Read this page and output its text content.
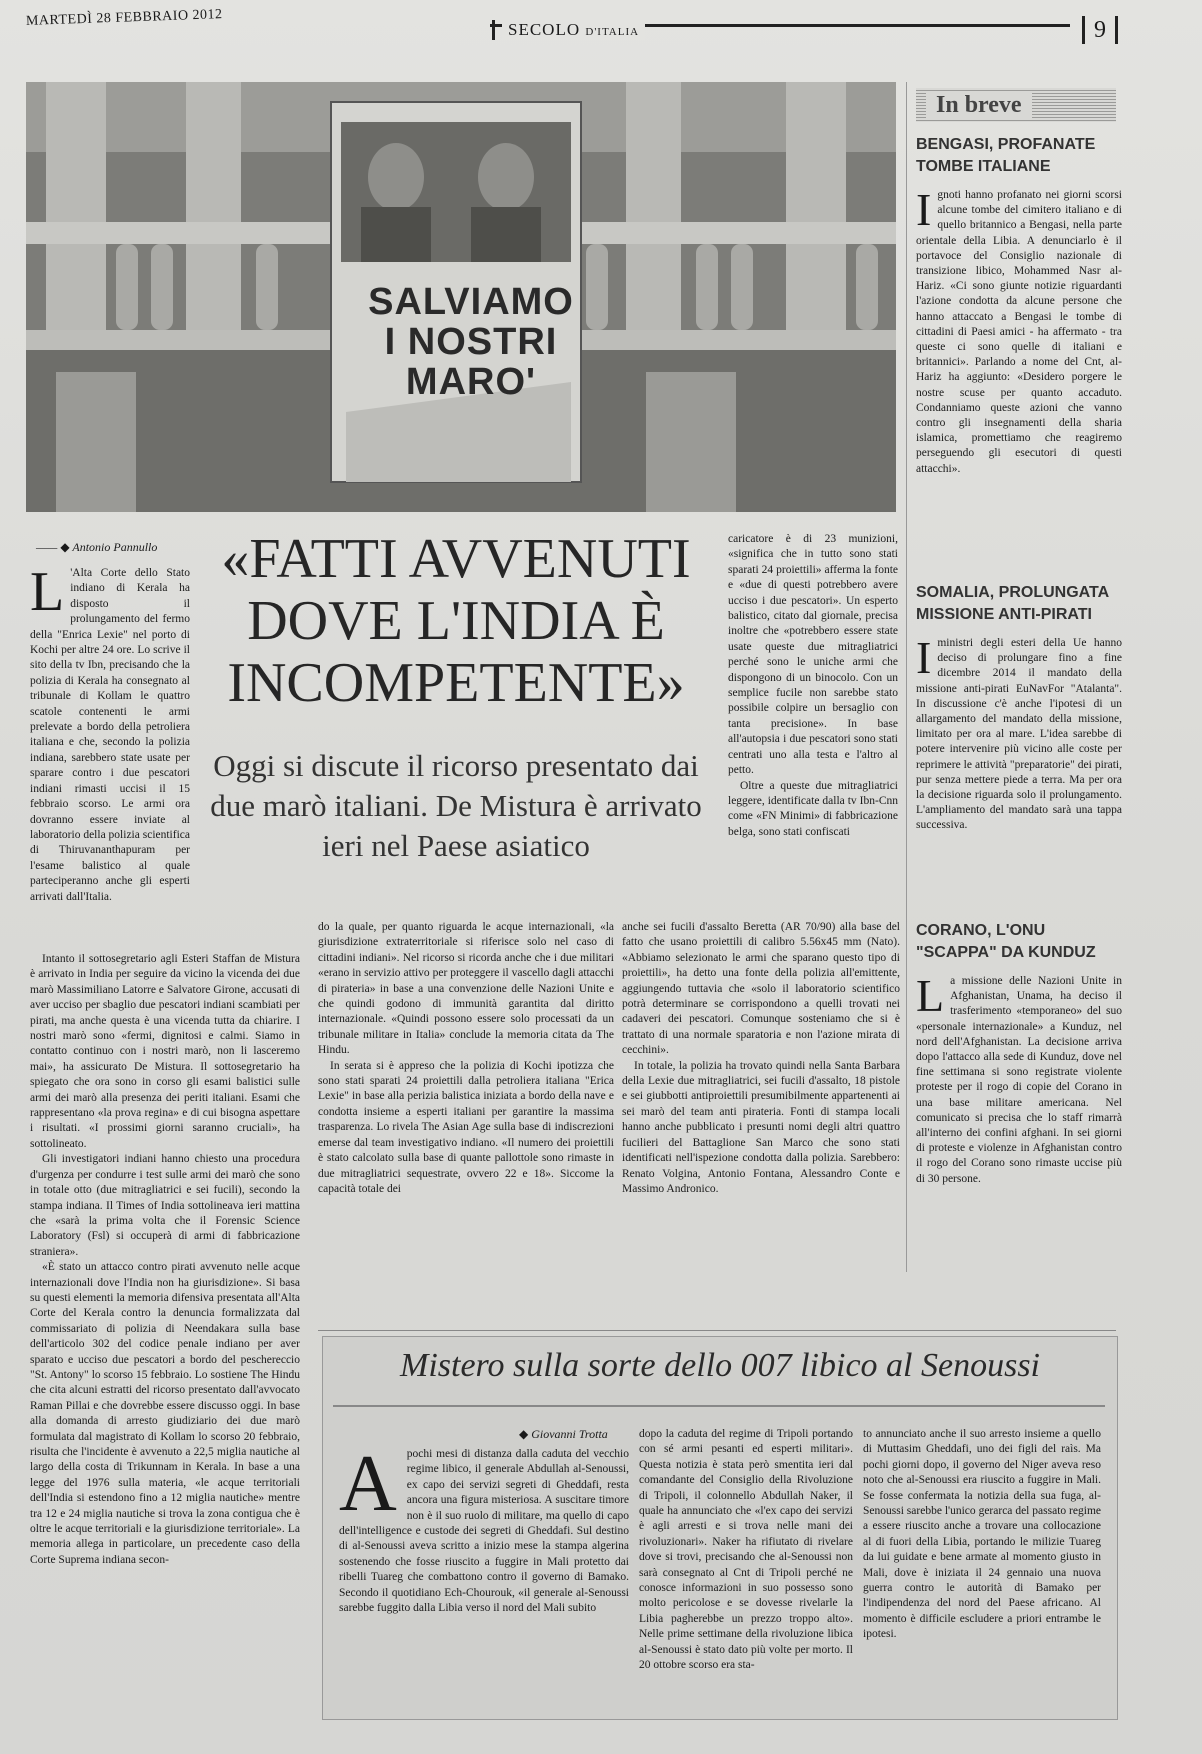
MARTEDÌ 28 FEBBRAIO 2012
SECOLO D'ITALIA	9
SALVIAMO I NOSTRI MARO'
In breve
BENGASI, PROFANATE TOMBE ITALIANE
Ignoti hanno profanato nei giorni scorsi alcune tombe del cimitero italiano e di quello britannico a Bengasi, nella parte orientale della Libia. A denunciarlo è il portavoce del Consiglio nazionale di transizione libico, Mohammed Nasr al-Hariz. «Ci sono giunte notizie riguardanti l'azione condotta da alcune persone che hanno attaccato a Bengasi le tombe di cittadini di Paesi amici - ha affermato - tra queste ci sono quelle di italiani e britannici». Parlando a nome del Cnt, al-Hariz ha aggiunto: «Desidero porgere le nostre scuse per quanto accaduto. Condanniamo queste azioni che vanno contro gli insegnamenti della sharia islamica, promettiamo che reagiremo perseguendo gli esecutori di questi attacchi».
SOMALIA, PROLUNGATA MISSIONE ANTI-PIRATI
Iministri degli esteri della Ue hanno deciso di prolungare fino a fine dicembre 2014 il mandato della missione anti-pirati EuNavFor "Atalanta". In discussione c'è anche l'ipotesi di un allargamento del mandato della missione, limitato per ora al mare. L'idea sarebbe di potere intervenire più vicino alle coste per reprimere le attività "preparatorie" dei pirati, pur senza mettere piede a terra. Ma per ora la decisione riguarda solo il prolungamento. L'ampliamento del mandato sarà una tappa successiva.
CORANO, L'ONU "SCAPPA" DA KUNDUZ
La missione delle Nazioni Unite in Afghanistan, Unama, ha deciso il trasferimento «temporaneo» del suo «personale internazionale» a Kunduz, nel nord dell'Afghanistan. La decisione arriva dopo l'attacco alla sede di Kunduz, dove nel fine settimana si sono registrate violente proteste per il rogo di copie del Corano in una base militare americana. Nel comunicato si precisa che lo staff rimarrà all'interno dei confini afghani. In sei giorni di proteste e violenze in Afghanistan contro il rogo del Corano sono rimaste uccise più di 30 persone.
—— ◆ Antonio Pannullo	«FATTI AVVENUTI DOVE L'INDIA È INCOMPETENTE»
Oggi si discute il ricorso presentato dai due marò italiani. De Mistura è arrivato ieri nel Paese asiatico
L 'Alta Corte dello Stato indiano di Kerala ha disposto il prolungamento del fermo della "Enrica Lexie" nel porto di Kochi per altre 24 ore. Lo scrive il sito della tv Ibn, precisando che la polizia di Kerala ha consegnato al tribunale di Kollam le quattro scatole contenenti le armi prelevate a bordo della petroliera italiana e che, secondo la polizia indiana, sarebbero state usate per sparare contro i due pescatori indiani rimasti uccisi il 15 febbraio scorso. Le armi ora dovranno essere inviate al laboratorio della polizia scientifica di Thiruvananthapuram per l'esame balistico al quale parteciperanno anche gli esperti arrivati dall'Italia.

Intanto il sottosegretario agli Esteri Staffan de Mistura è arrivato in India per seguire da vicino la vicenda dei due marò Massimiliano Latorre e Salvatore Girone, accusati di aver ucciso per sbaglio due pescatori indiani scambiati per pirati, ma anche questa è una vicenda tutta da chiarire. I nostri marò sono «fermi, dignitosi e calmi. Siamo in contatto continuo con i nostri marò, non li lasceremo mai», ha assicurato De Mistura. Il sottosegretario ha spiegato che ora sono in corso gli esami balistici sulle armi dei marò alla presenza dei periti italiani. Esami che rappresentano «la prova regina» e di cui bisogna aspettare i risultati. «I prossimi giorni saranno cruciali», ha sottolineato.

Gli investigatori indiani hanno chiesto una procedura d'urgenza per condurre i test sulle armi dei marò che sono in totale otto (due mitragliatrici e sei fucili), secondo la stampa indiana. Il Times of India sottolineava ieri mattina che «sarà la prima volta che il Forensic Science Laboratory (Fsl) si occuperà di armi di fabbricazione straniera».

«È stato un attacco contro pirati avvenuto nelle acque internazionali dove l'India non ha giurisdizione». Si basa su questi elementi la memoria difensiva presentata all'Alta Corte del Kerala contro la denuncia formalizzata dal commissariato di polizia di Neendakara sulla base dell'articolo 302 del codice penale indiano per aver sparato e ucciso due pescatori a bordo del peschereccio "St. Antony" lo scorso 15 febbraio. Lo sostiene The Hindu che cita alcuni estratti del ricorso presentato dall'avvocato Raman Pillai e che dovrebbe essere discusso oggi. In base alla domanda di arresto giudiziario dei due marò formulata dal magistrato di Kollam lo scorso 20 febbraio, risulta che l'incidente è avvenuto a 22,5 miglia nautiche al largo della costa di Trikunnam in Kerala. In base a una legge del 1976 sulla materia, «le acque territoriali dell'India si estendono fino a 12 miglia nautiche» mentre tra 12 e 24 miglia nautiche si trova la zona contigua che è oltre le acque territoriali e la giurisdizione territoriale». La memoria allega in particolare, un precedente caso della Corte Suprema indiana secon-

do la quale, per quanto riguarda le acque internazionali, «la giurisdizione extraterritoriale si riferisce solo nel caso di cittadini indiani». Nel ricorso si ricorda anche che i due militari «erano in servizio attivo per proteggere il vascello dagli attacchi di pirateria» in base a una convenzione delle Nazioni Unite e che quindi godono di immunità garantita dal diritto internazionale. «Quindi possono essere solo processati da un tribunale militare in Italia» conclude la memoria citata da The Hindu.

In serata si è appreso che la polizia di Kochi ipotizza che sono stati sparati 24 proiettili dalla petroliera italiana "Erica Lexie" in base alla perizia balistica iniziata a bordo della nave e condotta insieme a esperti italiani per garantire la massima trasparenza. Lo rivela The Asian Age sulla base di indiscrezioni emerse dal team investigativo indiano. «Il numero dei proiettili è stato calcolato sulla base di quante pallottole sono rimaste in due mitragliatrici sequestrate, ovvero 22 e 18». Siccome la capacità totale dei

caricatore è di 23 munizioni, «significa che in tutto sono stati sparati 24 proiettili» afferma la fonte e «due di questi potrebbero avere ucciso i due pescatori». Un esperto balistico, citato dal giornale, precisa inoltre che «potrebbero essere state usate queste due mitragliatrici perché sono le uniche armi che dispongono di un binocolo. Con un semplice fucile non sarebbe stato possibile colpire un bersaglio con tanta precisione». In base all'autopsia i due pescatori sono stati centrati uno alla testa e l'altro al petto.

Oltre a queste due mitragliatrici leggere, identificate dalla tv Ibn-Cnn come «FN Minimi» di fabbricazione belga, sono stati confiscati

anche sei fucili d'assalto Beretta (AR 70/90) alla base del fatto che usano proiettili di calibro 5.56x45 mm (Nato). «Abbiamo selezionato le armi che sparano questo tipo di proiettili», ha detto una fonte della polizia all'emittente, aggiungendo tuttavia che «solo il laboratorio scientifico potrà determinare se corrispondono a quelli trovati nei cadaveri dei pescatori. Comunque sosteniamo che si è trattato di una normale sparatoria e non l'azione mirata di cecchini».

In totale, la polizia ha trovato quindi nella Santa Barbara della Lexie due mitragliatrici, sei fucili d'assalto, 18 pistole e sei giubbotti antiproiettili presumibilmente appartenenti ai sei marò del team anti pirateria. Fonti di stampa locali hanno anche pubblicato i presunti nomi degli altri quattro fucilieri del Battaglione San Marco che sono stati identificati nell'ispezione condotta dalla polizia. Sarebbero: Renato Volgina, Antonio Fontana, Alessandro Conte e Massimo Andronico.

Mistero sulla sorte dello 007 libico al Senoussi
◆ Giovanni Trotta
Apochi mesi di distanza dalla caduta del vecchio regime libico, il generale Abdullah al-Senoussi, ex capo dei servizi segreti di Gheddafi, resta ancora una figura misteriosa. A suscitare timore non è il suo ruolo di militare, ma quello di capo dell'intelligence e custode dei segreti di Gheddafi. Sul destino di al-Senoussi aveva scritto a inizio mese la stampa algerina sostenendo che fosse riuscito a fuggire in Mali protetto dai ribelli Tuareg che combattono contro il governo di Bamako. Secondo il quotidiano Ech-Chourouk, «il generale al-Senoussi sarebbe fuggito dalla Libia verso il nord del Mali subito
dopo la caduta del regime di Tripoli portando con sé armi pesanti ed esperti militari». Questa notizia è stata però smentita ieri dal comandante del Consiglio della Rivoluzione di Tripoli, il colonnello Abdullah Naker, il quale ha annunciato che «l'ex capo dei servizi è agli arresti e si trova nelle mani dei rivoluzionari». Naker ha rifiutato di rivelare dove si trovi, precisando che al-Senoussi non sarà consegnato al Cnt di Tripoli perché ne conosce informazioni in suo possesso sono molto pericolose e se dovesse rivelarle la Libia pagherebbe un prezzo troppo alto». Nelle prime settimane della rivoluzione libica al-Senoussi è stato dato più volte per morto. Il 20 ottobre scorso era sta-
to annunciato anche il suo arresto insieme a quello di Muttasim Gheddafi, uno dei figli del raìs. Ma pochi giorni dopo, il governo del Niger aveva reso noto che al-Senoussi era riuscito a fuggire in Mali. Se fosse confermata la notizia della sua fuga, al-Senoussi sarebbe l'unico gerarca del passato regime a essere riuscito anche a trovare una collocazione al di fuori della Libia, portando le milizie Tuareg da lui guidate e bene armate al momento giusto in Mali, dove è iniziata il 24 gennaio una nuova guerra contro le autorità di Bamako per l'indipendenza del nord del Paese africano. Al momento è difficile escludere a priori entrambe le ipotesi.
